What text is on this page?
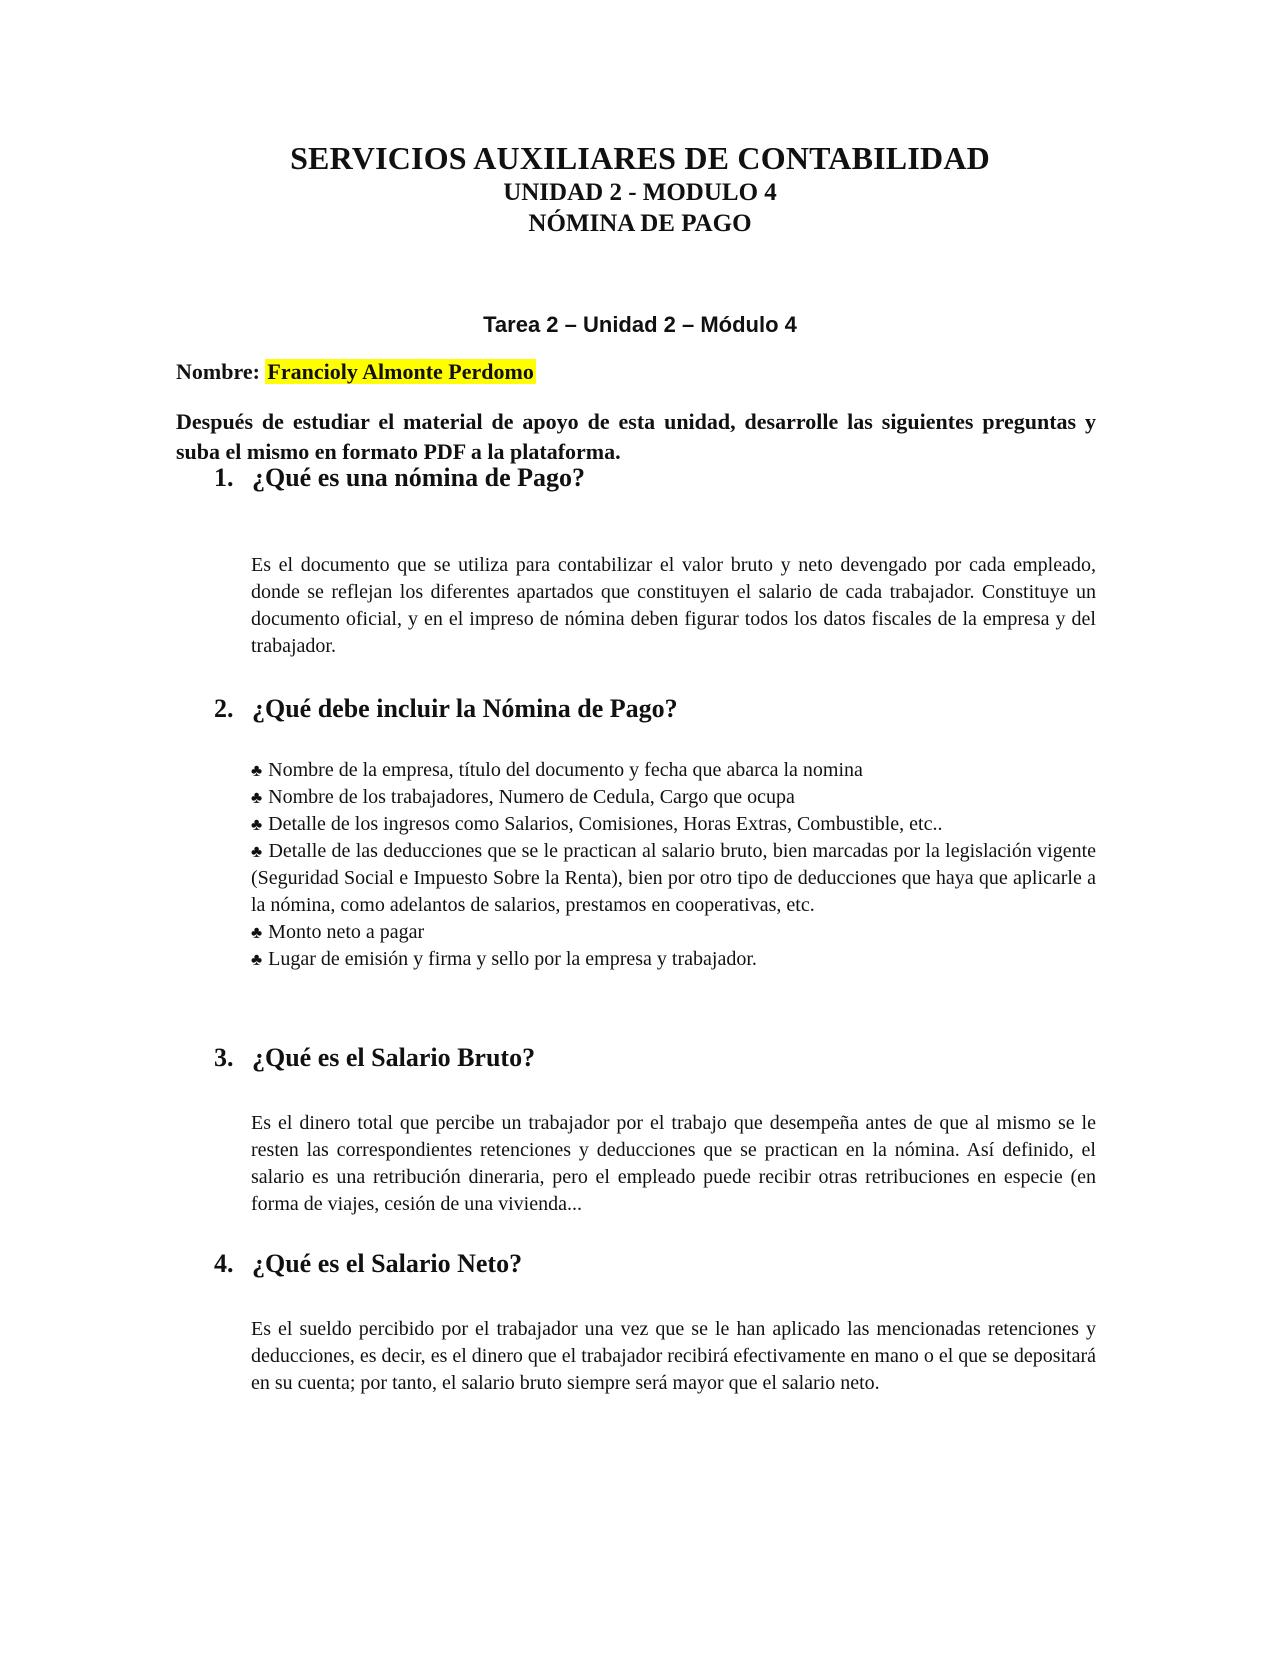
SERVICIOS AUXILIARES DE CONTABILIDAD
UNIDAD 2 - MODULO 4
NÓMINA DE PAGO
Tarea 2 – Unidad 2 – Módulo 4
Nombre: Francioly Almonte Perdomo
Después de estudiar el material de apoyo de esta unidad, desarrolle las siguientes preguntas y suba el mismo en formato PDF a la plataforma.
1. ¿Qué es una nómina de Pago?
Es el documento que se utiliza para contabilizar el valor bruto y neto devengado por cada empleado, donde se reflejan los diferentes apartados que constituyen el salario de cada trabajador. Constituye un documento oficial, y en el impreso de nómina deben figurar todos los datos fiscales de la empresa y del trabajador.
2. ¿Qué debe incluir la Nómina de Pago?
♣ Nombre de la empresa, título del documento y fecha que abarca la nomina
♣ Nombre de los trabajadores, Numero de Cedula, Cargo que ocupa
♣ Detalle de los ingresos como Salarios, Comisiones, Horas Extras, Combustible, etc..
♣ Detalle de las deducciones que se le practican al salario bruto, bien marcadas por la legislación vigente (Seguridad Social e Impuesto Sobre la Renta), bien por otro tipo de deducciones que haya que aplicarle a la nómina, como adelantos de salarios, prestamos en cooperativas, etc.
♣ Monto neto a pagar
♣ Lugar de emisión y firma y sello por la empresa y trabajador.
3. ¿Qué es el Salario Bruto?
Es el dinero total que percibe un trabajador por el trabajo que desempeña antes de que al mismo se le resten las correspondientes retenciones y deducciones que se practican en la nómina. Así definido, el salario es una retribución dineraria, pero el empleado puede recibir otras retribuciones en especie (en forma de viajes, cesión de una vivienda...
4. ¿Qué es el Salario Neto?
Es el sueldo percibido por el trabajador una vez que se le han aplicado las mencionadas retenciones y deducciones, es decir, es el dinero que el trabajador recibirá efectivamente en mano o el que se depositará en su cuenta; por tanto, el salario bruto siempre será mayor que el salario neto.
